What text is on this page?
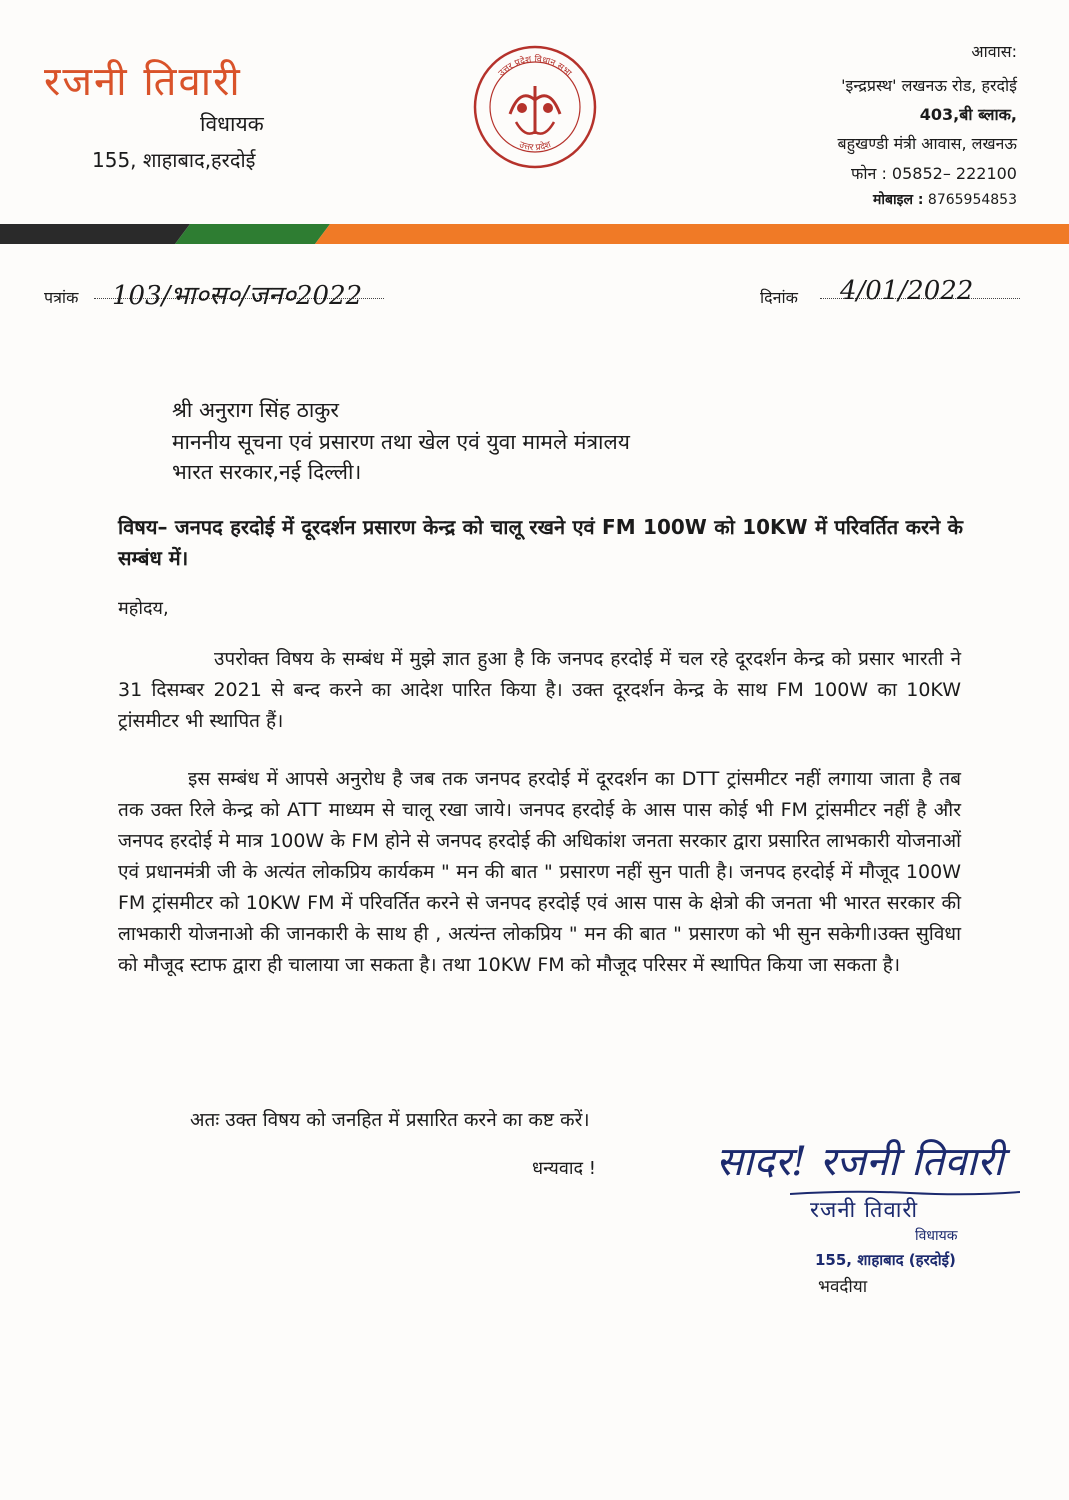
रजनी तिवारी
विधायक
155, शाहाबाद,हरदोई
उत्तर प्रदेश विधान सभा
उत्तर प्रदेश
आवास:
'इन्द्रप्रस्थ' लखनऊ रोड, हरदोई
403,बी ब्लाक,
बहुखण्डी मंत्री आवास, लखनऊ
फोन : 05852– 222100
मोबाइल : 8765954853
पत्रांक 103/भा०स०/जन०2022	दिनांक 4/01/2022
श्री अनुराग सिंह ठाकुर
माननीय सूचना एवं प्रसारण तथा खेल एवं युवा मामले मंत्रालय
भारत सरकार,नई दिल्ली।
विषय– जनपद हरदोई में दूरदर्शन प्रसारण केन्द्र को चालू रखने एवं FM 100W को 10KW में परिवर्तित करने के सम्बंध में।
महोदय,
उपरोक्त विषय के सम्बंध में मुझे ज्ञात हुआ है कि जनपद हरदोई में चल रहे दूरदर्शन केन्द्र को प्रसार भारती ने 31 दिसम्बर 2021 से बन्द करने का आदेश पारित किया है। उक्त दूरदर्शन केन्द्र के साथ FM 100W का 10KW ट्रांसमीटर भी स्थापित हैं।
इस सम्बंध में आपसे अनुरोध है जब तक जनपद हरदोई में दूरदर्शन का DTT ट्रांसमीटर नहीं लगाया जाता है तब तक उक्त रिले केन्द्र को ATT माध्यम से चालू रखा जाये। जनपद हरदोई के आस पास कोई भी FM ट्रांसमीटर नहीं है और जनपद हरदोई मे मात्र 100W के FM होने से जनपद हरदोई की अधिकांश जनता सरकार द्वारा प्रसारित लाभकारी योजनाओं एवं प्रधानमंत्री जी के अत्यंत लोकप्रिय कार्यकम " मन की बात " प्रसारण नहीं सुन पाती है। जनपद हरदोई में मौजूद 100W FM ट्रांसमीटर को 10KW FM में परिवर्तित करने से जनपद हरदोई एवं आस पास के क्षेत्रो की जनता भी भारत सरकार की लाभकारी योजनाओ की जानकारी के साथ ही , अत्यंन्त लोकप्रिय " मन की बात " प्रसारण को भी सुन सकेगी।उक्त सुविधा को मौजूद स्टाफ द्वारा ही चालाया जा सकता है। तथा 10KW FM को मौजूद परिसर में स्थापित किया जा सकता है।
अतः उक्त विषय को जनहित में प्रसारित करने का कष्ट करें।
धन्यवाद !	सादर! रजनी तिवारी
रजनी तिवारी
विधायक
155, शाहाबाद (हरदोई)
भवदीया
